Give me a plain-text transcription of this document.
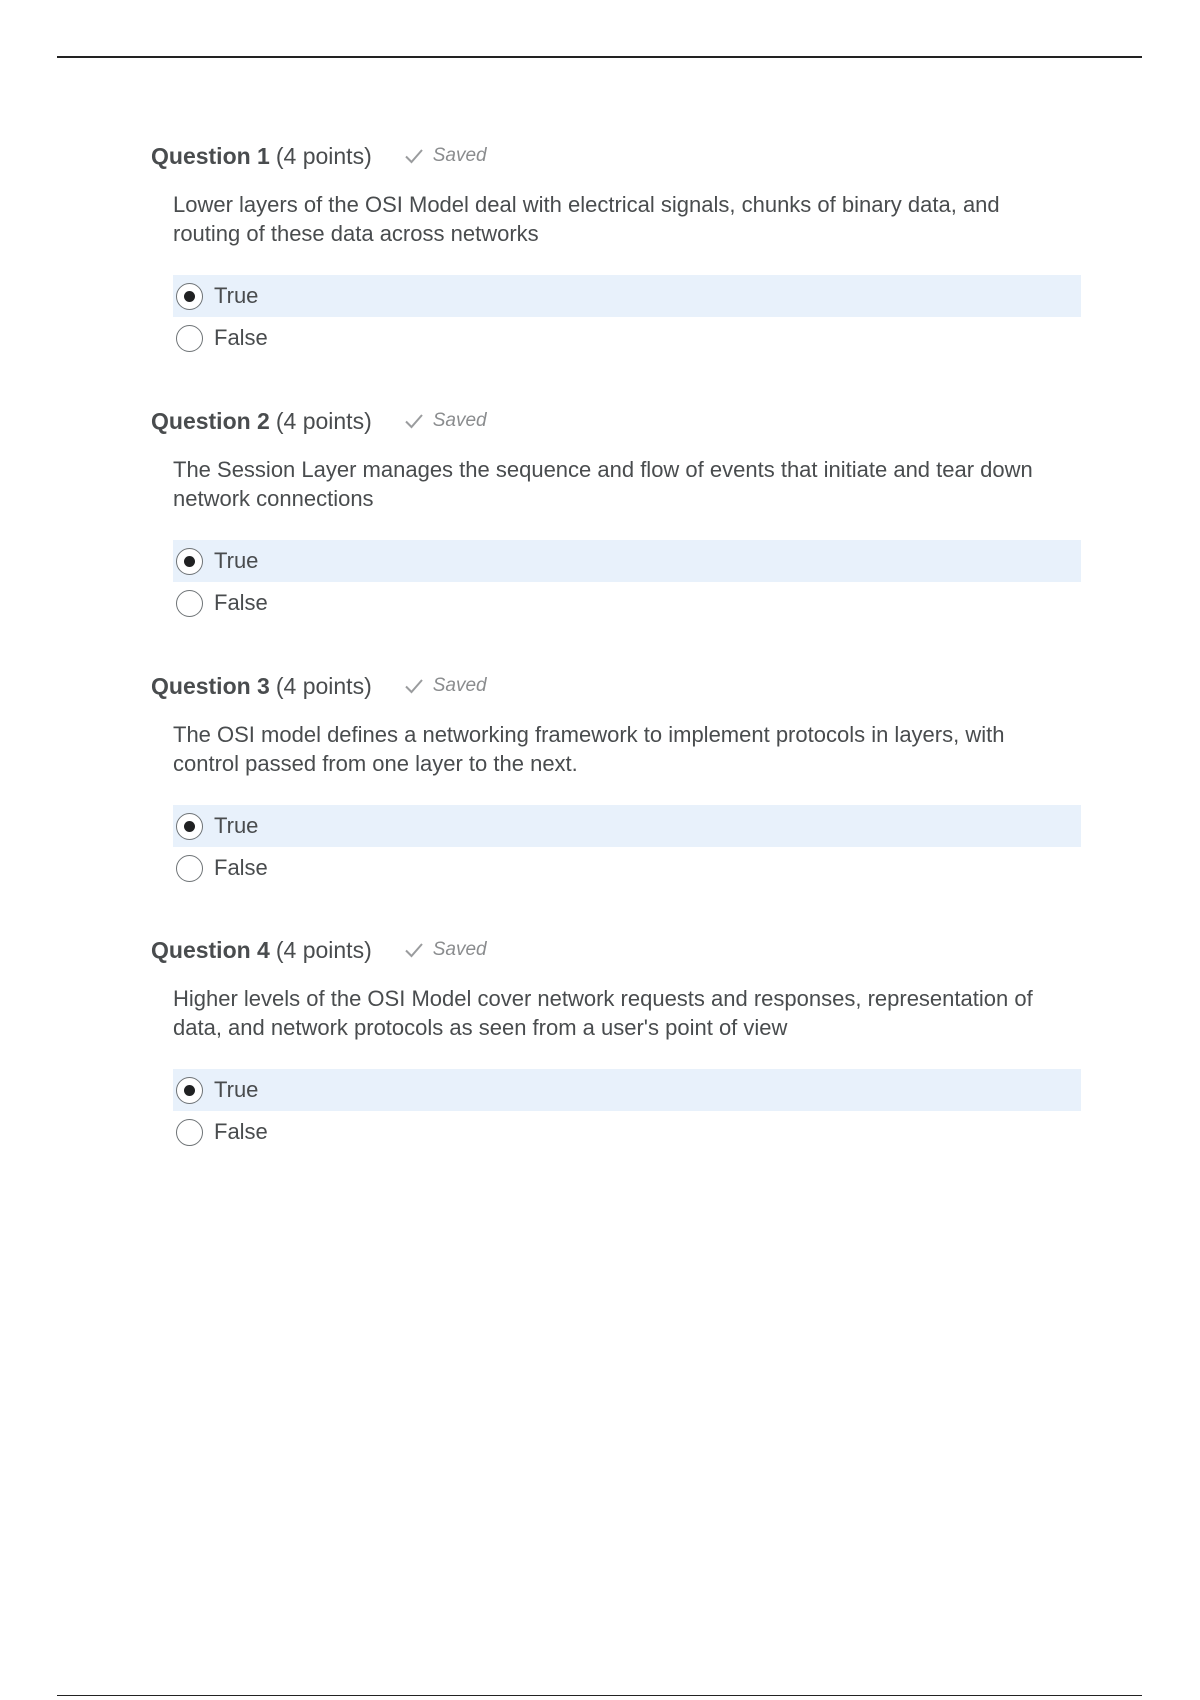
Question 1 (4 points)	Saved
Lower layers of the OSI Model deal with electrical signals, chunks of binary data, and routing of these data across networks
True
False
Question 2 (4 points)	Saved
The Session Layer manages the sequence and flow of events that initiate and tear down network connections
True
False
Question 3 (4 points)	Saved
The OSI model defines a networking framework to implement protocols in layers, with control passed from one layer to the next.
True
False
Question 4 (4 points)	Saved
Higher levels of the OSI Model cover network requests and responses, representation of data, and network protocols as seen from a user's point of view
True
False
